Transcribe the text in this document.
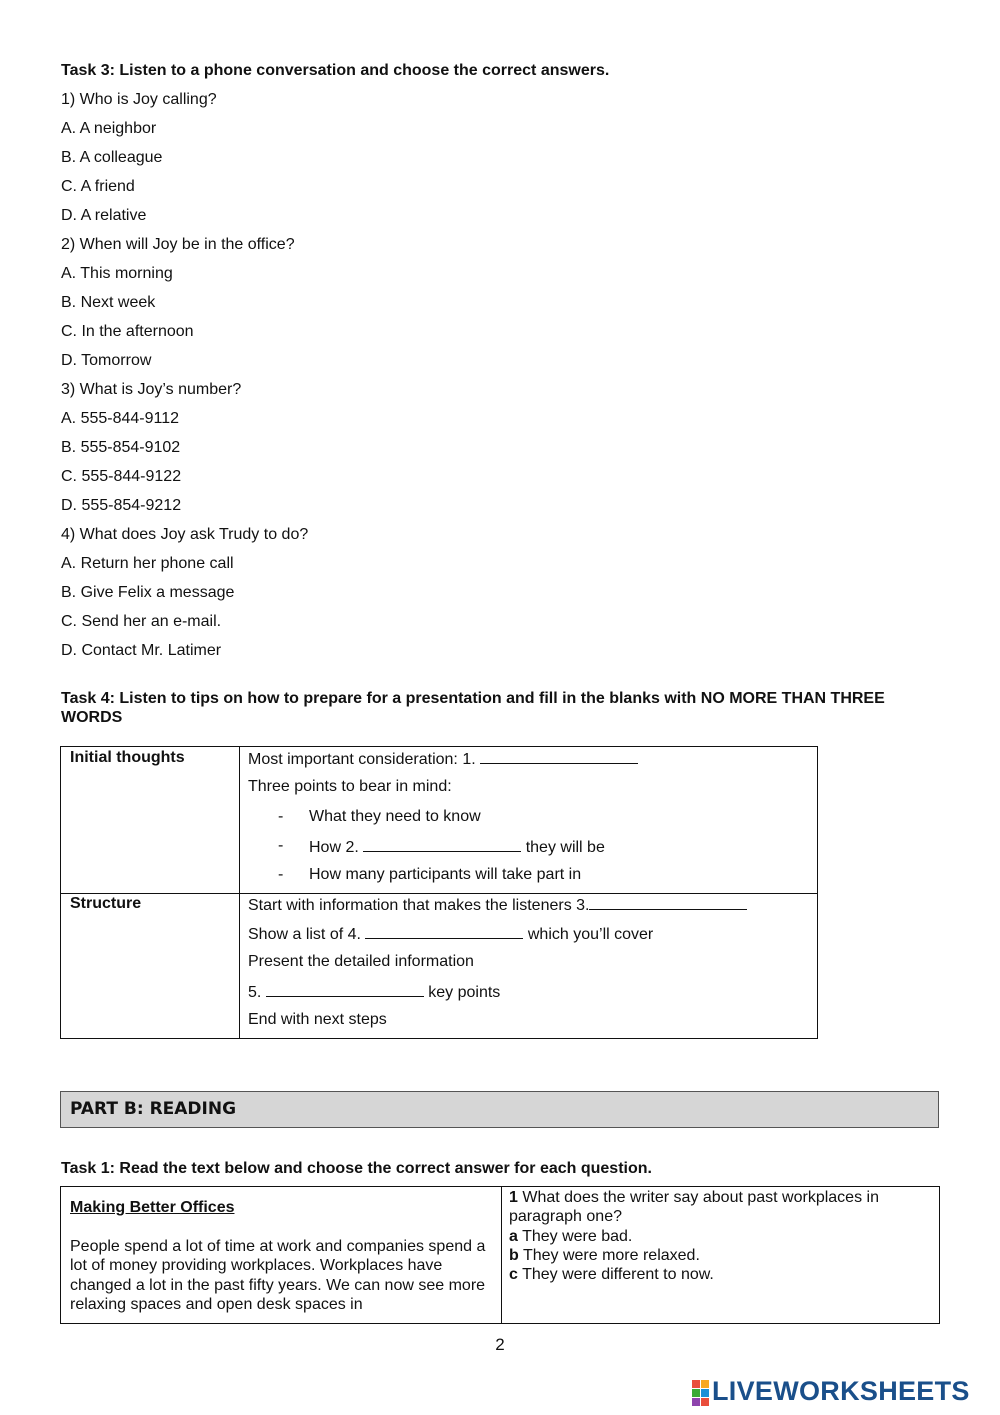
Task 3: Listen to a phone conversation and choose the correct answers.
1) Who is Joy calling?
A. A neighbor
B. A colleague
C. A friend
D. A relative
2) When will Joy be in the office?
A. This morning
B. Next week
C. In the afternoon
D. Tomorrow
3) What is Joy’s number?
A. 555-844-9112
B. 555-854-9102
C. 555-844-9122
D. 555-854-9212
4) What does Joy ask Trudy to do?
A. Return her phone call
B. Give Felix a message
C. Send her an e-mail.
D. Contact Mr. Latimer
Task 4: Listen to tips on how to prepare for a presentation and fill in the blanks with NO MORE THAN THREE
WORDS
Initial thoughts	Most important consideration: 1.
Three points to bear in mind:
- What they need to know
- How 2.	they will be
- How many participants will take part in
Structure	Start with information that makes the listeners 3.
Show a list of 4.	which you’ll cover
Present the detailed information
5.	key points
End with next steps
PART B: READING
Task 1: Read the text below and choose the correct answer for each question.
Making Better Offices
People spend a lot of time at work and companies spend a lot of money providing workplaces. Workplaces have changed a lot in the past fifty years. We can now see more relaxing spaces and open desk spaces in
1 What does the writer say about past workplaces in paragraph one?
a They were bad.
b They were more relaxed.
c They were different to now.
2
LIVEWORKSHEETS
